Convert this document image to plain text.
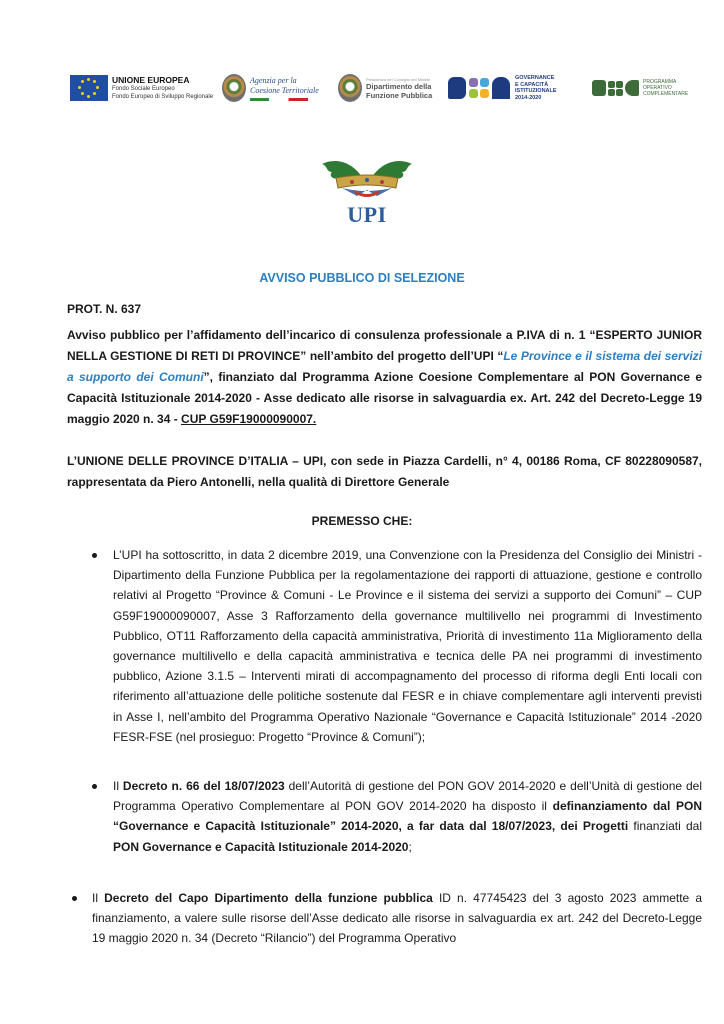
UNIONE EUROPEA
Fondo Sociale Europeo
Fondo Europeo di Sviluppo Regionale
Agenzia per la
Coesione Territoriale
Presidenza del Consiglio dei Ministri
Dipartimento della
Funzione Pubblica
GOVERNANCE
E CAPACITÀ
ISTITUZIONALE
2014-2020
PROGRAMMA
OPERATIVO
COMPLEMENTARE
UPI
AVVISO PUBBLICO DI SELEZIONE
PROT. N. 637
Avviso pubblico per l’affidamento dell’incarico di consulenza professionale a P.IVA di n. 1 “ESPERTO JUNIOR NELLA GESTIONE DI RETI DI PROVINCE” nell’ambito del progetto dell’UPI “Le Province e il sistema dei servizi a supporto dei Comuni”, finanziato dal Programma Azione Coesione Complementare al PON Governance e Capacità Istituzionale 2014-2020 - Asse dedicato alle risorse in salvaguardia ex. Art. 242 del Decreto-Legge 19 maggio 2020 n. 34 - CUP G59F19000090007.
L’UNIONE DELLE PROVINCE D’ITALIA – UPI, con sede in Piazza Cardelli, n° 4, 00186 Roma, CF 80228090587, rappresentata da Piero Antonelli, nella qualità di Direttore Generale
PREMESSO CHE:
L’UPI ha sottoscritto, in data 2 dicembre 2019, una Convenzione con la Presidenza del Consiglio dei Ministri - Dipartimento della Funzione Pubblica per la regolamentazione dei rapporti di attuazione, gestione e controllo relativi al Progetto “Province & Comuni - Le Province e il sistema dei servizi a supporto dei Comuni” – CUP G59F19000090007, Asse 3 Rafforzamento della governance multilivello nei programmi di Investimento Pubblico, OT11 Rafforzamento della capacità amministrativa, Priorità di investimento 11a Miglioramento della governance multilivello e della capacità amministrativa e tecnica delle PA nei programmi di investimento pubblico, Azione 3.1.5 – Interventi mirati di accompagnamento del processo di riforma degli Enti locali con riferimento all’attuazione delle politiche sostenute dal FESR e in chiave complementare agli interventi previsti in Asse I, nell’ambito del Programma Operativo Nazionale “Governance e Capacità Istituzionale” 2014 -2020 FESR-FSE (nel prosieguo: Progetto “Province & Comuni”);
Il Decreto n. 66 del 18/07/2023 dell’Autorità di gestione del PON GOV 2014-2020 e dell’Unità di gestione del Programma Operativo Complementare al PON GOV 2014-2020 ha disposto il definanziamento dal PON “Governance e Capacità Istituzionale” 2014-2020, a far data dal 18/07/2023, dei Progetti finanziati dal PON Governance e Capacità Istituzionale 2014-2020;
Il Decreto del Capo Dipartimento della funzione pubblica ID n. 47745423 del 3 agosto 2023 ammette a finanziamento, a valere sulle risorse dell’Asse dedicato alle risorse in salvaguardia ex art. 242 del Decreto-Legge 19 maggio 2020 n. 34 (Decreto “Rilancio”) del Programma Operativo
